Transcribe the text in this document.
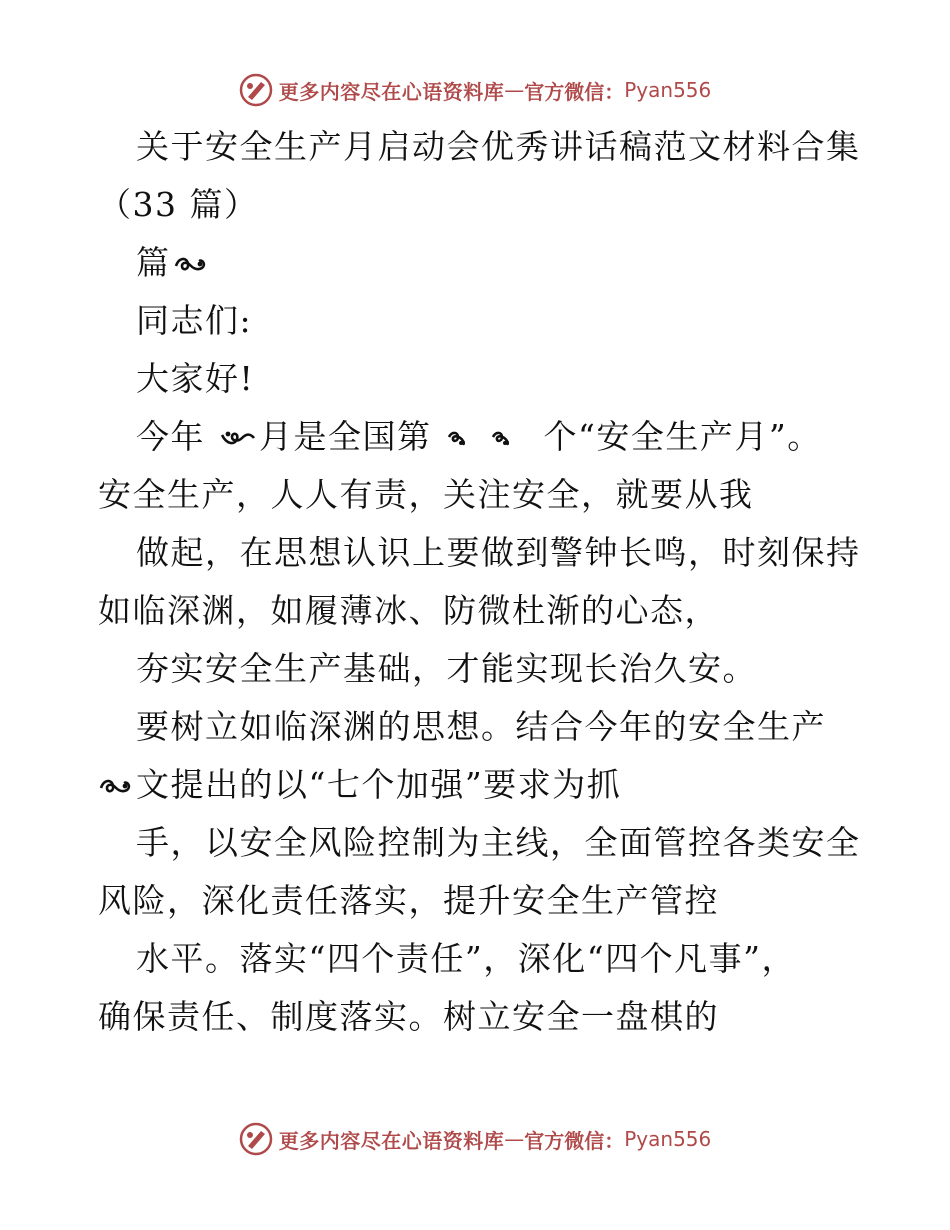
更多内容尽在心语资料库 — 官方微信： Pyan556
关于安全生产月启动会优秀讲话稿范文材料合集
（33 篇）
篇
同志们:
大家好!
今年 月是全国第	个“安全生产月”。
安全生产，人人有责，关注安全，就要从我
做起，在思想认识上要做到警钟长鸣，时刻保持
如临深渊，如履薄冰、防微杜渐的心态，
夯实安全生产基础，才能实现长治久安。
要树立如临深渊的思想。结合今年的安全生产
文提出的以“七个加强”要求为抓
手，以安全风险控制为主线，全面管控各类安全
风险，深化责任落实，提升安全生产管控
水平。落实“四个责任”，深化“四个凡事”，
确保责任、制度落实。树立安全一盘棋的
更多内容尽在心语资料库 — 官方微信： Pyan556
